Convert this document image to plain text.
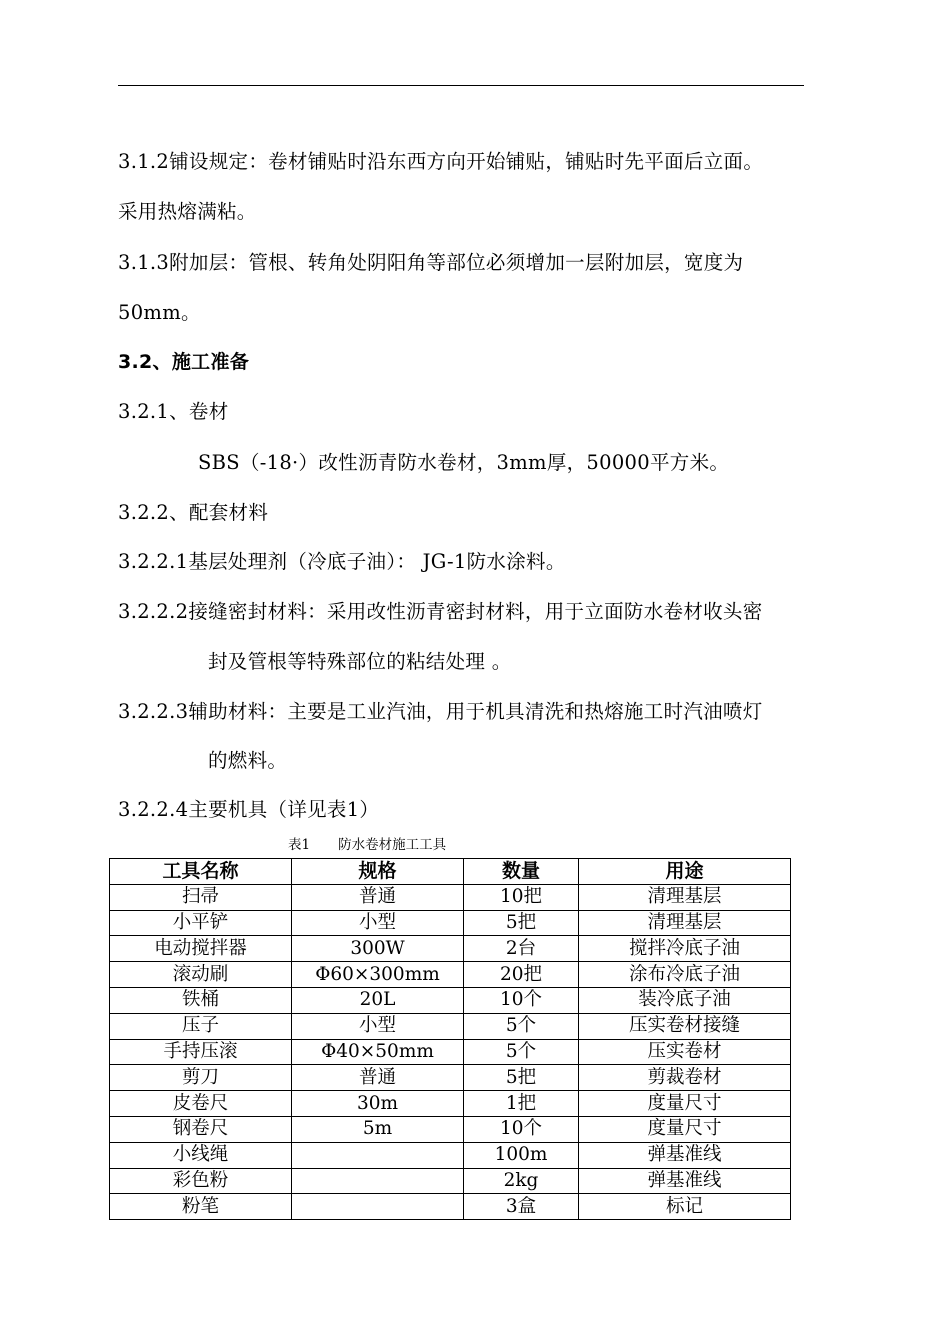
3.1.2铺设规定：卷材铺贴时沿东西方向开始铺贴，铺贴时先平面后立面。
采用热熔满粘。
3.1.3附加层：管根、转角处阴阳角等部位必须增加一层附加层，宽度为
50mm。
3.2、施工准备
3.2.1、卷材
SBS（-18·）改性沥青防水卷材，3mm厚，50000平方米。
3.2.2、配套材料
3.2.2.1基层处理剂（冷底子油）： JG-1防水涂料。
3.2.2.2接缝密封材料：采用改性沥青密封材料，用于立面防水卷材收头密
封及管根等特殊部位的粘结处理 。
3.2.2.3辅助材料：主要是工业汽油，用于机具清洗和热熔施工时汽油喷灯
的燃料。
3.2.2.4主要机具（详见表1）
表1 防水卷材施工工具
工具名称	规格	数量	用途
扫帚	普通	10把	清理基层
小平铲	小型	5把	清理基层
电动搅拌器	300W	2台	搅拌冷底子油
滚动刷	Φ60×300mm	20把	涂布冷底子油
铁桶	20L	10个	装冷底子油
压子	小型	5个	压实卷材接缝
手持压滚	Φ40×50mm	5个	压实卷材
剪刀	普通	5把	剪裁卷材
皮卷尺	30m	1把	度量尺寸
钢卷尺	5m	10个	度量尺寸
小线绳		100m	弹基准线
彩色粉		2kg	弹基准线
粉笔		3盒	标记
